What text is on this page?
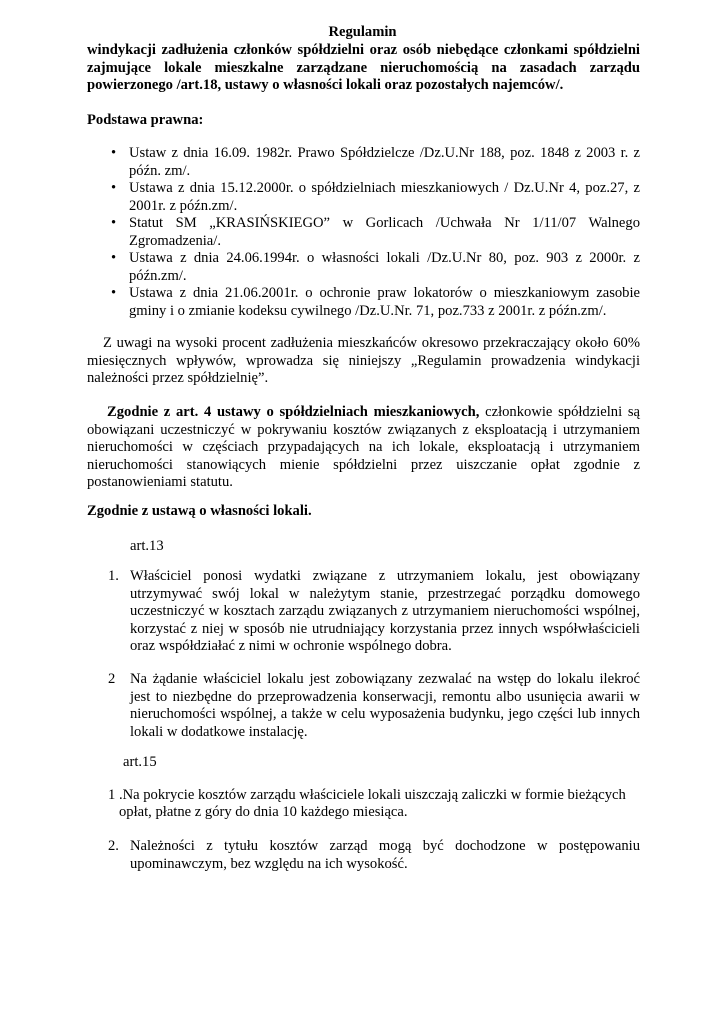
Regulamin
windykacji zadłużenia członków spółdzielni oraz osób niebędące członkami spółdzielni zajmujące lokale mieszkalne zarządzane nieruchomością na zasadach zarządu powierzonego /art.18, ustawy o własności lokali oraz pozostałych najemców/.
Podstawa prawna:
• Ustaw z dnia 16.09. 1982r. Prawo Spółdzielcze /Dz.U.Nr 188, poz. 1848 z 2003 r. z późn. zm/.
• Ustawa z dnia 15.12.2000r. o spółdzielniach mieszkaniowych / Dz.U.Nr 4, poz.27, z 2001r. z późn.zm/.
• Statut SM „KRASIŃSKIEGO” w Gorlicach /Uchwała Nr 1/11/07 Walnego Zgromadzenia/.
• Ustawa z dnia 24.06.1994r. o własności lokali /Dz.U.Nr 80, poz. 903 z 2000r. z późn.zm/.
• Ustawa z dnia 21.06.2001r. o ochronie praw lokatorów o mieszkaniowym zasobie gminy i o zmianie kodeksu cywilnego /Dz.U.Nr. 71, poz.733 z 2001r. z późn.zm/.
Z uwagi na wysoki procent zadłużenia mieszkańców okresowo przekraczający około 60% miesięcznych wpływów, wprowadza się niniejszy „Regulamin prowadzenia windykacji należności przez spółdzielnię”.
Zgodnie z art. 4 ustawy o spółdzielniach mieszkaniowych, członkowie spółdzielni są obowiązani uczestniczyć w pokrywaniu kosztów związanych z eksploatacją i utrzymaniem nieruchomości w częściach przypadających na ich lokale, eksploatacją i utrzymaniem nieruchomości stanowiących mienie spółdzielni przez uiszczanie opłat zgodnie z postanowieniami statutu.
Zgodnie z ustawą o własności lokali.
art.13
1. Właściciel ponosi wydatki związane z utrzymaniem lokalu, jest obowiązany utrzymywać swój lokal w należytym stanie, przestrzegać porządku domowego uczestniczyć w kosztach zarządu związanych z utrzymaniem nieruchomości wspólnej, korzystać z niej w sposób nie utrudniający korzystania przez innych współwłaścicieli oraz współdziałać z nimi w ochronie wspólnego dobra.
2 Na żądanie właściciel lokalu jest zobowiązany zezwalać na wstęp do lokalu ilekroć jest to niezbędne do przeprowadzenia konserwacji, remontu albo usunięcia awarii w nieruchomości wspólnej, a także w celu wyposażenia budynku, jego części lub innych lokali w dodatkowe instalację.
art.15
1 .Na pokrycie kosztów zarządu właściciele lokali uiszczają zaliczki w formie bieżących
opłat, płatne z góry do dnia 10 każdego miesiąca.
2. Należności z tytułu kosztów zarząd mogą być dochodzone w postępowaniu upominawczym, bez względu na ich wysokość.
